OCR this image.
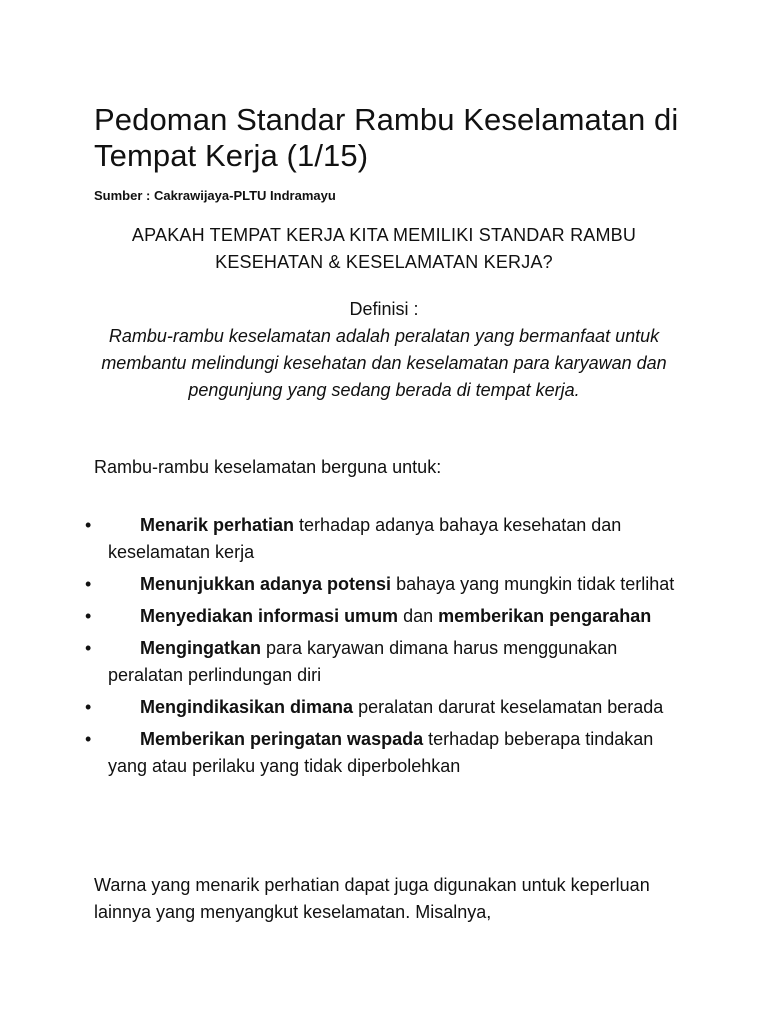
Pedoman Standar Rambu Keselamatan di Tempat Kerja (1/15)

Sumber : Cakrawijaya-PLTU Indramayu

APAKAH TEMPAT KERJA KITA MEMILIKI STANDAR RAMBU KESEHATAN & KESELAMATAN KERJA?

Definisi :

Rambu-rambu keselamatan adalah peralatan yang bermanfaat untuk membantu melindungi kesehatan dan keselamatan para karyawan dan pengunjung yang sedang berada di tempat kerja.

Rambu-rambu keselamatan berguna untuk:

•	Menarik perhatian terhadap adanya bahaya kesehatan dan keselamatan kerja
•	Menunjukkan adanya potensi bahaya yang mungkin tidak terlihat
•	Menyediakan informasi umum dan memberikan pengarahan
•	Mengingatkan para karyawan dimana harus menggunakan peralatan perlindungan diri
•	Mengindikasikan dimana peralatan darurat keselamatan berada
•	Memberikan peringatan waspada terhadap beberapa tindakan yang atau perilaku yang tidak diperbolehkan

Warna yang menarik perhatian dapat juga digunakan untuk keperluan lainnya yang menyangkut keselamatan. Misalnya,
